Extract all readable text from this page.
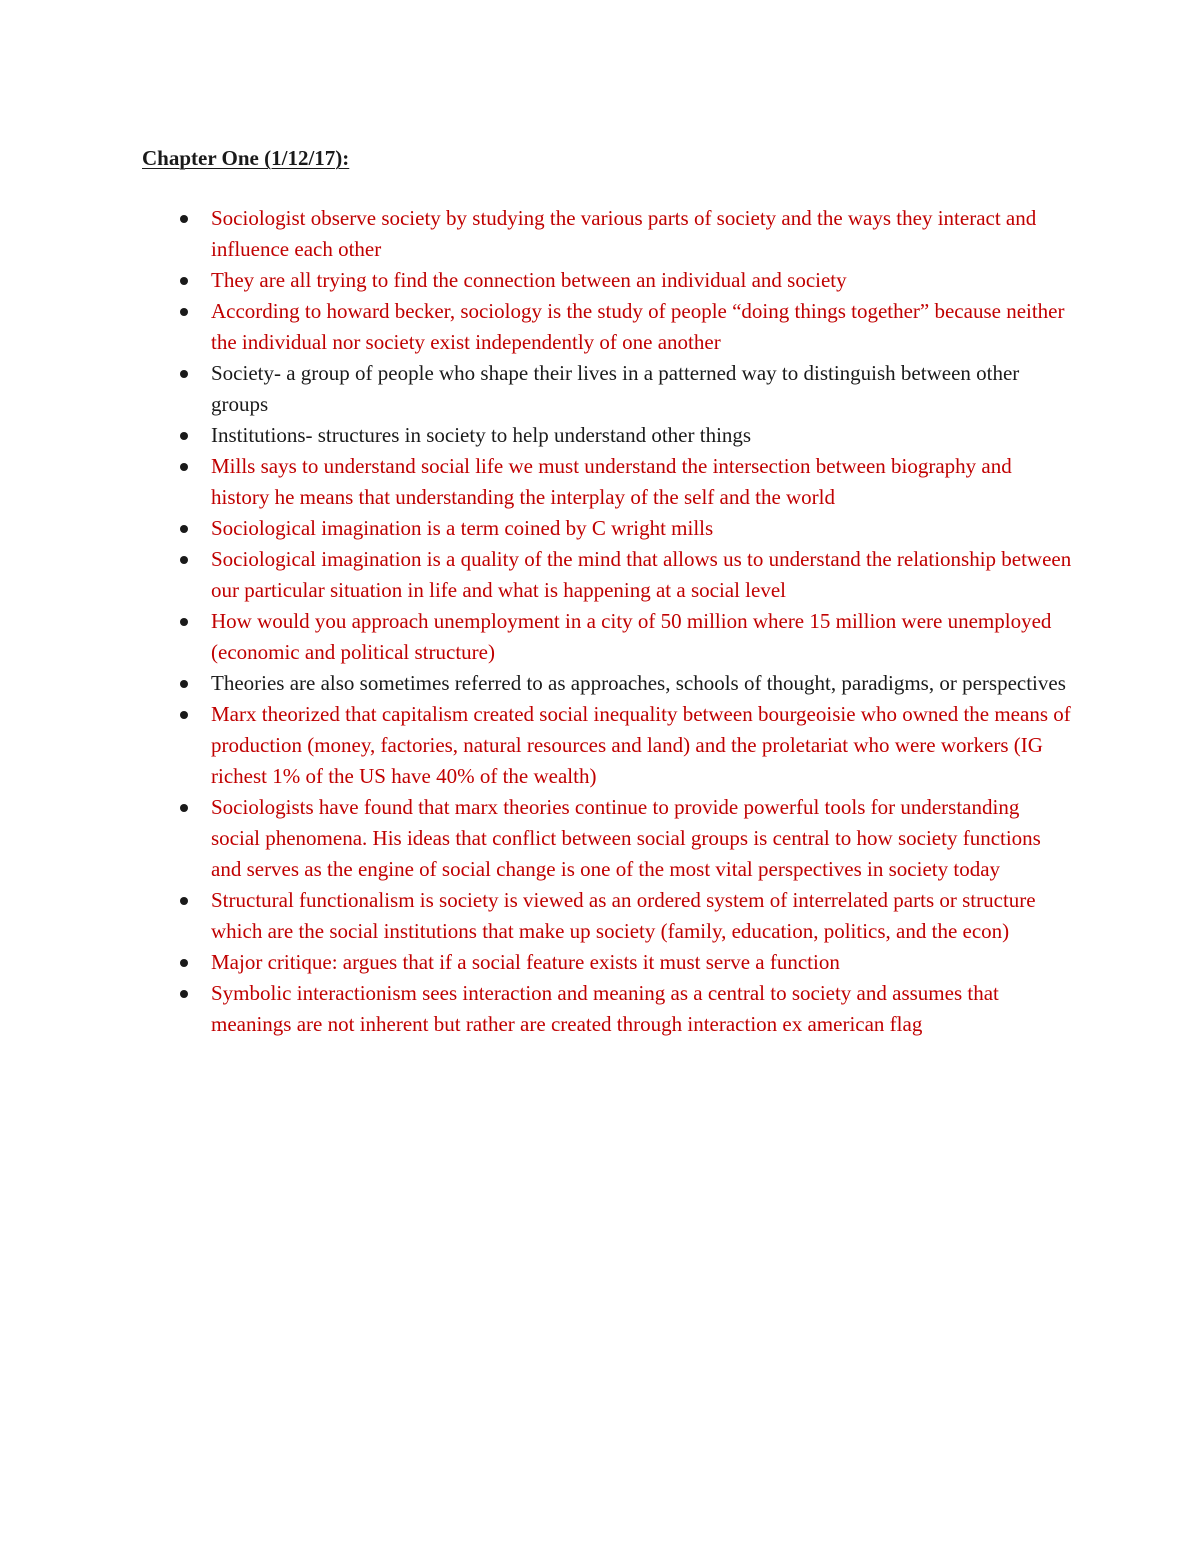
Chapter One (1/12/17):
Sociologist observe society by studying the various parts of society and the ways they interact and influence each other
They are all trying to find the connection between an individual and society
According to howard becker, sociology is the study of people “doing things together” because neither the individual nor society exist independently of one another
Society- a group of people who shape their lives in a patterned way to distinguish between other groups
Institutions- structures in society to help understand other things
Mills says to understand social life we must understand the intersection between biography and history he means that understanding the interplay of the self and the world
Sociological imagination is a term coined by C wright mills
Sociological imagination is a quality of the mind that allows us to understand the relationship between our particular situation in life and what is happening at a social level
How would you approach unemployment in a city of 50 million where 15 million were unemployed (economic and political structure)
Theories are also sometimes referred to as approaches, schools of thought, paradigms, or perspectives
Marx theorized that capitalism created social inequality between bourgeoisie who owned the means of production (money, factories, natural resources and land) and the proletariat who were workers (IG richest 1% of the US have 40% of the wealth)
Sociologists have found that marx theories continue to provide powerful tools for understanding social phenomena. His ideas that conflict between social groups is central to how society functions and serves as the engine of social change is one of the most vital perspectives in society today
Structural functionalism is society is viewed as an ordered system of interrelated parts or structure which are the social institutions that make up society (family, education, politics, and the econ)
Major critique: argues that if a social feature exists it must serve a function
Symbolic interactionism sees interaction and meaning as a central to society and assumes that meanings are not inherent but rather are created through interaction ex american flag
